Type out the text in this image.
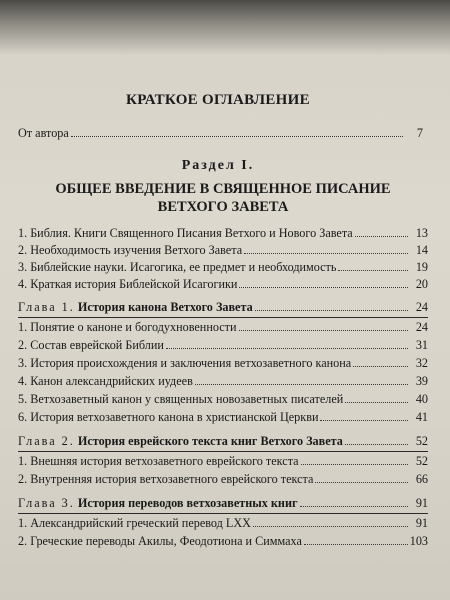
КРАТКОЕ ОГЛАВЛЕНИЕ
От автора	7
Раздел I.
ОБЩЕЕ ВВЕДЕНИЕ В СВЯЩЕННОЕ ПИСАНИЕ
ВЕТХОГО ЗАВЕТА
1. Библия. Книги Священного Писания Ветхого и Нового Завета	13
2. Необходимость изучения Ветхого Завета	14
3. Библейские науки. Исагогика, ее предмет и необходимость	19
4. Краткая история Библейской Исагогики	20
Глава 1. История канона Ветхого Завета	24
1. Понятие о каноне и богодухновенности	24
2. Состав еврейской Библии	31
3. История происхождения и заключения ветхозаветного канона	32
4. Канон александрийских иудеев	39
5. Ветхозаветный канон у священных новозаветных писателей	40
6. История ветхозаветного канона в христианской Церкви	41
Глава 2. История еврейского текста книг Ветхого Завета	52
1. Внешняя история ветхозаветного еврейского текста	52
2. Внутренняя история ветхозаветного еврейского текста	66
Глава 3. История переводов ветхозаветных книг	91
1. Александрийский греческий перевод LXX	91
2. Греческие переводы Акилы, Феодотиона и Симмаха	103
